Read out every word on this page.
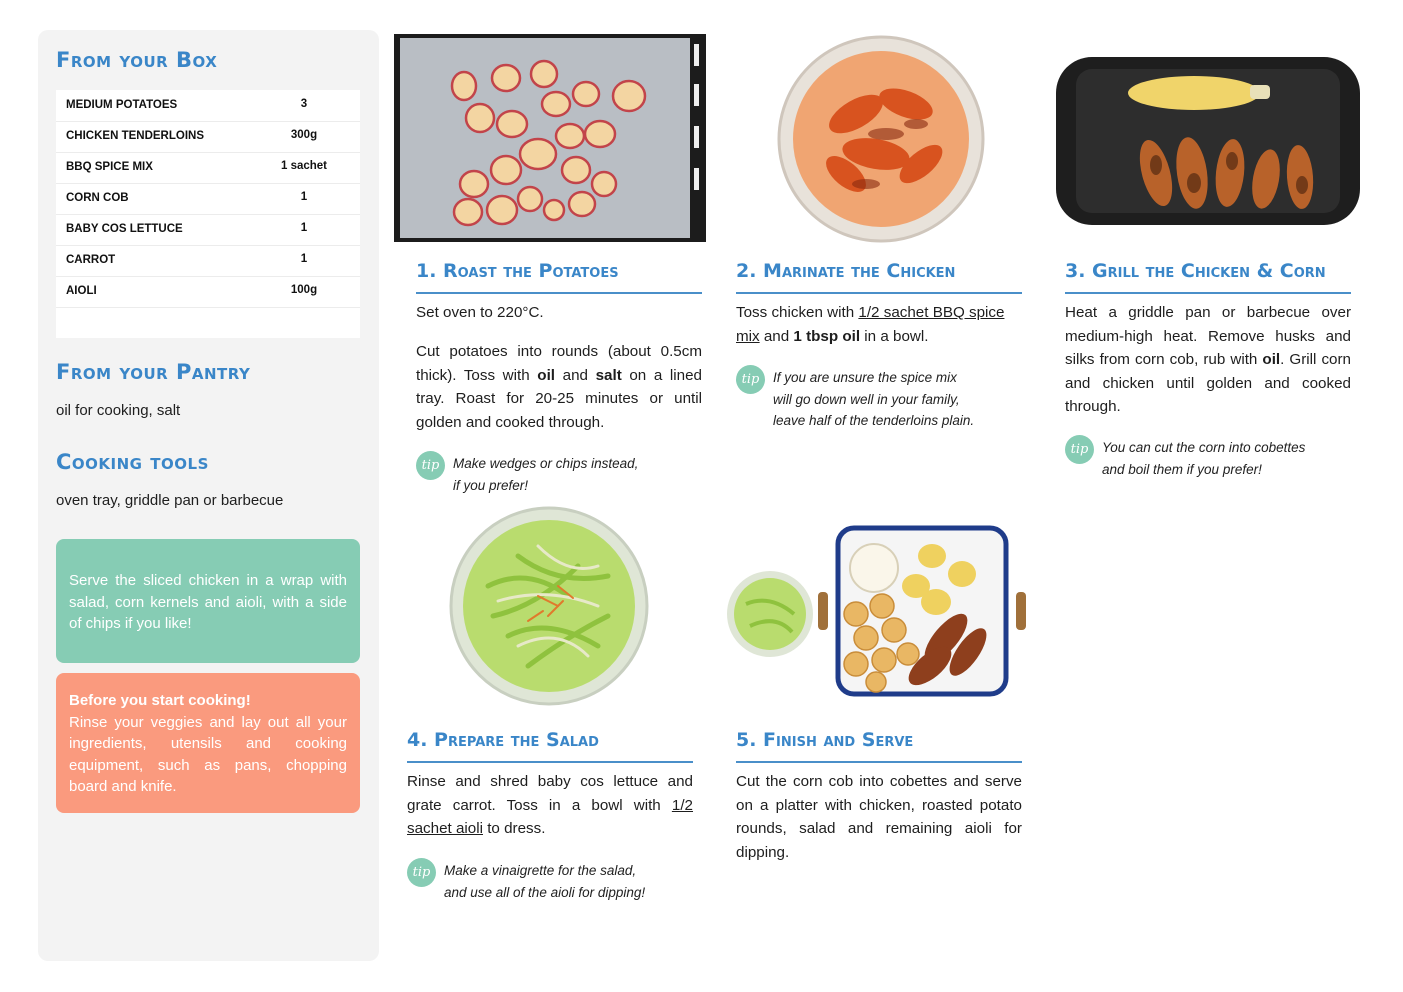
From your Box
MEDIUM POTATOES	3
CHICKEN TENDERLOINS	300g
BBQ SPICE MIX	1 sachet
CORN COB	1
BABY COS LETTUCE	1
CARROT	1
AIOLI	100g
From your Pantry
oil for cooking, salt
Cooking tools
oven tray, griddle pan or barbecue
Serve the sliced chicken in a wrap with salad, corn kernels and aioli, with a side of chips if you like!
Before you start cooking!
Rinse your veggies and lay out all your ingredients, utensils and cooking equipment, such as pans, chopping board and knife.
1. Roast the Potatoes
Set oven to 220°C.
Cut potatoes into rounds (about 0.5cm thick). Toss with oil and salt on a lined tray. Roast for 20-25 minutes or until golden and cooked through.
tip	Make wedges or chips instead,
if you prefer!
2. Marinate the Chicken
Toss chicken with 1/2 sachet BBQ spice mix and 1 tbsp oil in a bowl.
tip	If you are unsure the spice mix
will go down well in your family,
leave half of the tenderloins plain.
3. Grill the Chicken & Corn
Heat a griddle pan or barbecue over medium-high heat. Remove husks and silks from corn cob, rub with oil. Grill corn and chicken until golden and cooked through.
tip	You can cut the corn into cobettes
and boil them if you prefer!
4. Prepare the Salad
Rinse and shred baby cos lettuce and grate carrot. Toss in a bowl with 1/2 sachet aioli to dress.
tip	Make a vinaigrette for the salad,
and use all of the aioli for dipping!
5. Finish and Serve
Cut the corn cob into cobettes and serve on a platter with chicken, roasted potato rounds, salad and remaining aioli for dipping.
